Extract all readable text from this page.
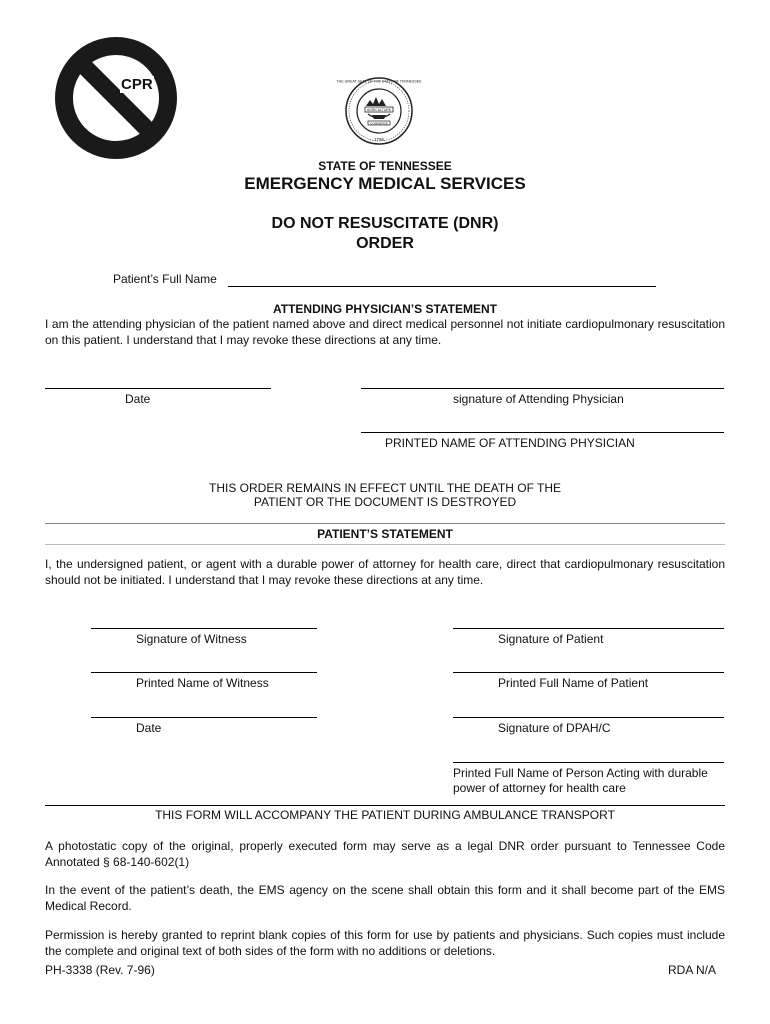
CPR	THE GREAT SEAL OF THE STATE OF TENNESSEE
AGRICULTURE
COMMERCE
1796
STATE OF TENNESSEE
EMERGENCY MEDICAL SERVICES
DO NOT RESUSCITATE (DNR)
ORDER
Patient’s Full Name
ATTENDING PHYSICIAN’S STATEMENT
I am the attending physician of the patient named above and direct medical personnel not initiate cardiopulmonary resuscitation on this patient. I understand that I may revoke these directions at any time.
Date	signature of Attending Physician
PRINTED NAME OF ATTENDING PHYSICIAN
THIS ORDER REMAINS IN EFFECT UNTIL THE DEATH OF THE
PATIENT OR THE DOCUMENT IS DESTROYED
PATIENT’S STATEMENT
I, the undersigned patient, or agent with a durable power of attorney for health care, direct that cardiopulmonary resuscitation should not be initiated. I understand that I may revoke these directions at any time.
Signature of Witness	Signature of Patient
Printed Name of Witness	Printed Full Name of Patient
Date	Signature of DPAH/C
Printed Full Name of Person Acting with durable
power of attorney for health care
THIS FORM WILL ACCOMPANY THE PATIENT DURING AMBULANCE TRANSPORT
A photostatic copy of the original, properly executed form may serve as a legal DNR order pursuant to Tennessee Code Annotated § 68-140-602(1)
In the event of the patient’s death, the EMS agency on the scene shall obtain this form and it shall become part of the EMS Medical Record.
Permission is hereby granted to reprint blank copies of this form for use by patients and physicians. Such copies must include the complete and original text of both sides of the form with no additions or deletions.
PH-3338 (Rev. 7-96)	RDA N/A
